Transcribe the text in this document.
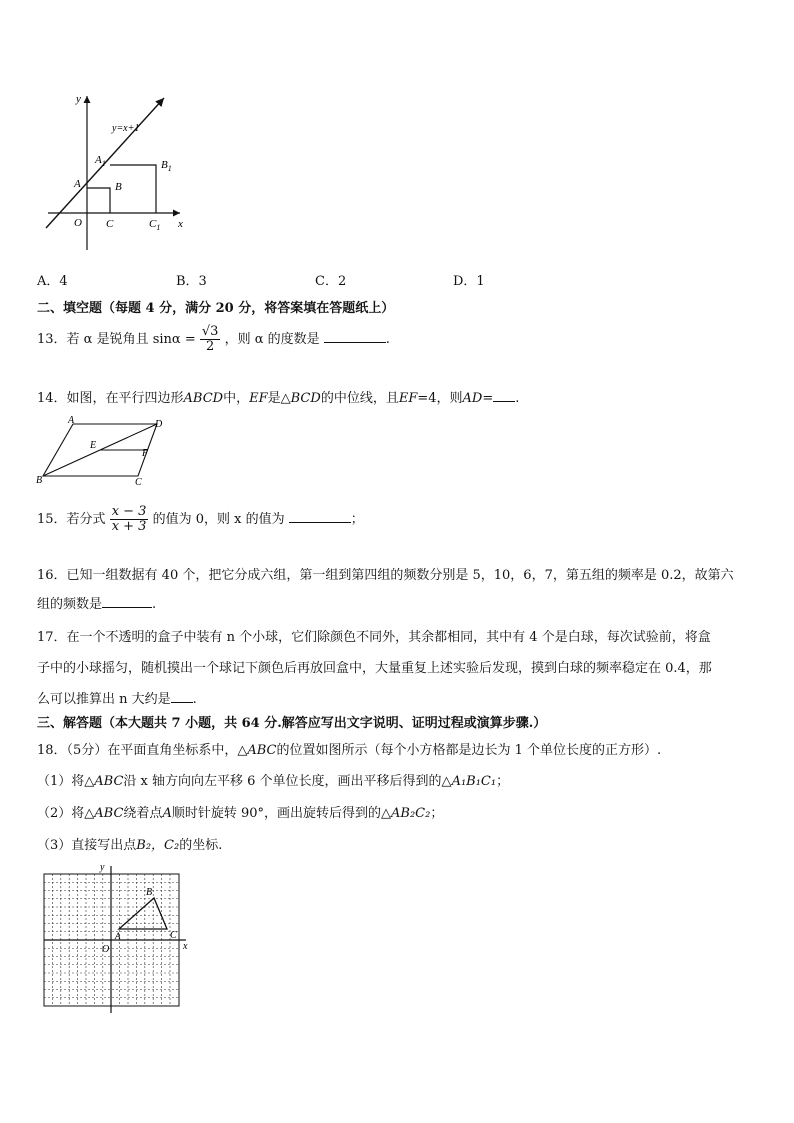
y=x+1
y
x
O C	$C_1$
A
$A_1$
B
$B_1$
A．4	B．3	C．2	D．1
二、填空题（每题 4 分，满分 20 分，将答案填在答题纸上）
13．若 α 是锐角且 $\sin\alpha = \frac{√3}{2}$ ，则 α 的度数是	.
14．如图，在平行四边形ABCD中，EF是△BCD的中位线，且EF=4，则AD= .
A	D
E
F
B	C
15．若分式 $\frac{x - 3}{x + 3}$ 的值为 0，则 x 的值为	；
16．已知一组数据有 40 个，把它分成六组，第一组到第四组的频数分别是 5，10，6，7，第五组的频率是 0.2，故第六
组的频数是	.
17．在一个不透明的盒子中装有 n 个小球，它们除颜色不同外，其余都相同，其中有 4 个是白球，每次试验前，将盒
子中的小球摇匀，随机摸出一个球记下颜色后再放回盒中，大量重复上述实验后发现，摸到白球的频率稳定在 0.4，那
么可以推算出 n 大约是 .
三、解答题（本大题共 7 小题，共 64 分.解答应写出文字说明、证明过程或演算步骤.）
18．（5分）在平面直角坐标系中，△ABC的位置如图所示（每个小方格都是边长为 1 个单位长度的正方形）.
（1）将△ABC沿 x 轴方向向左平移 6 个单位长度，画出平移后得到的△A₁B₁C₁；
（2）将△ABC绕着点A顺时针旋转 90°，画出旋转后得到的△AB₂C₂；
（3）直接写出点B₂，C₂的坐标.
y
x
O
A
B
C
